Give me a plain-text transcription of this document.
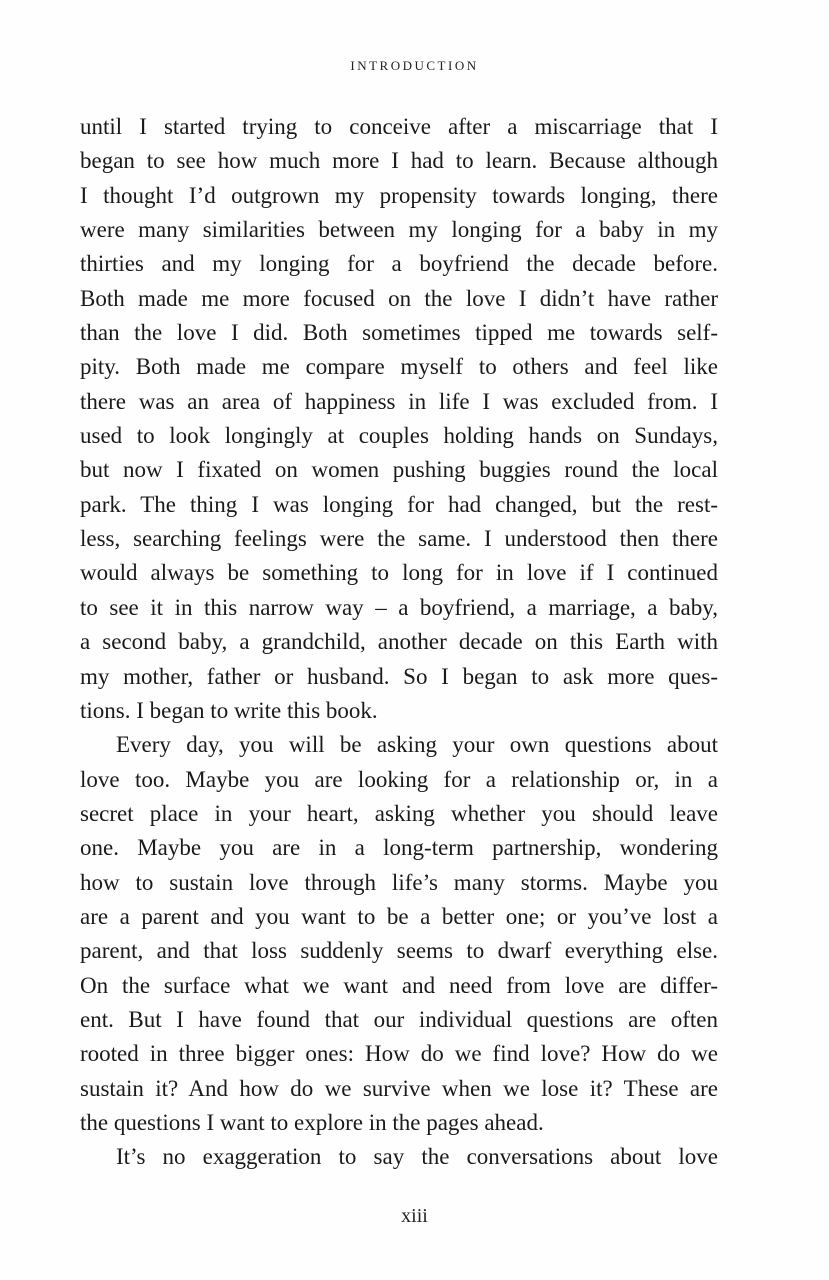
INTRODUCTION
until I started trying to conceive after a miscarriage that I
began to see how much more I had to learn. Because although
I thought I’d outgrown my propensity towards longing, there
were many similarities between my longing for a baby in my
thirties and my longing for a boyfriend the decade before.
Both made me more focused on the love I didn’t have rather
than the love I did. Both sometimes tipped me towards self-
pity. Both made me compare myself to others and feel like
there was an area of happiness in life I was excluded from. I
used to look longingly at couples holding hands on Sundays,
but now I fixated on women pushing buggies round the local
park. The thing I was longing for had changed, but the rest-
less, searching feelings were the same. I understood then there
would always be something to long for in love if I continued
to see it in this narrow way – a boyfriend, a marriage, a baby,
a second baby, a grandchild, another decade on this Earth with
my mother, father or husband. So I began to ask more ques-
tions. I began to write this book.
Every day, you will be asking your own questions about
love too. Maybe you are looking for a relationship or, in a
secret place in your heart, asking whether you should leave
one. Maybe you are in a long-term partnership, wondering
how to sustain love through life’s many storms. Maybe you
are a parent and you want to be a better one; or you’ve lost a
parent, and that loss suddenly seems to dwarf everything else.
On the surface what we want and need from love are differ-
ent. But I have found that our individual questions are often
rooted in three bigger ones: How do we find love? How do we
sustain it? And how do we survive when we lose it? These are
the questions I want to explore in the pages ahead.
It’s no exaggeration to say the conversations about love
xiii
